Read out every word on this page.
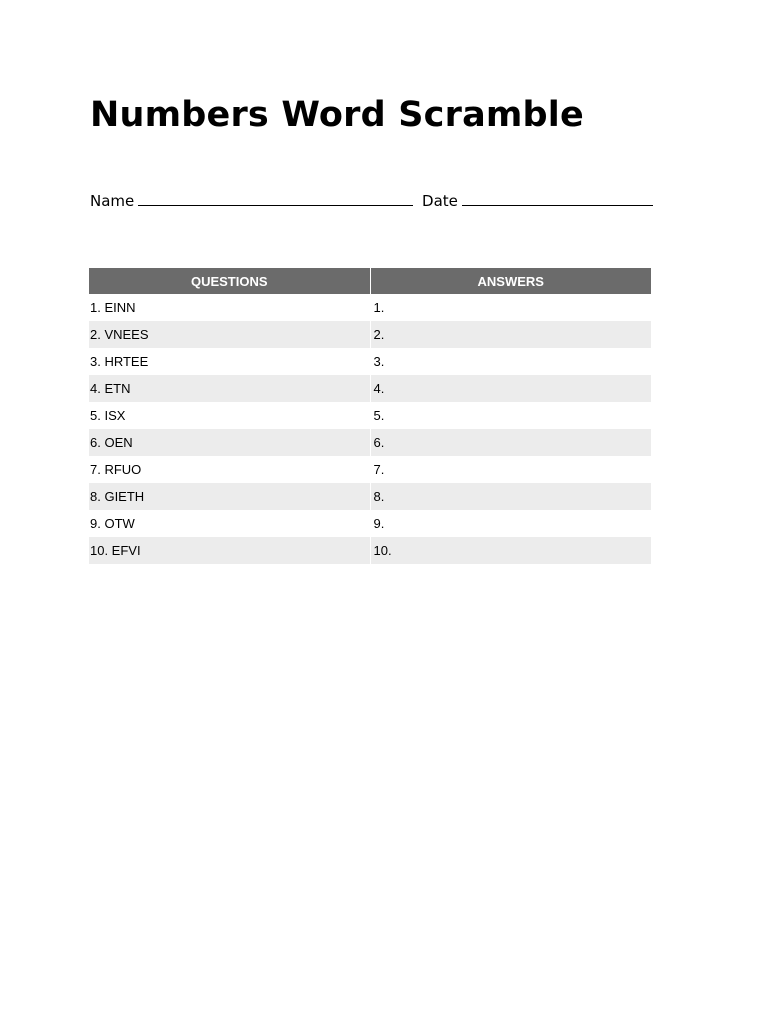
Numbers Word Scramble
Name	Date
QUESTIONS	ANSWERS
1. EINN	1.
2. VNEES	2.
3. HRTEE	3.
4. ETN	4.
5. ISX	5.
6. OEN	6.
7. RFUO	7.
8. GIETH	8.
9. OTW	9.
10. EFVI	10.
